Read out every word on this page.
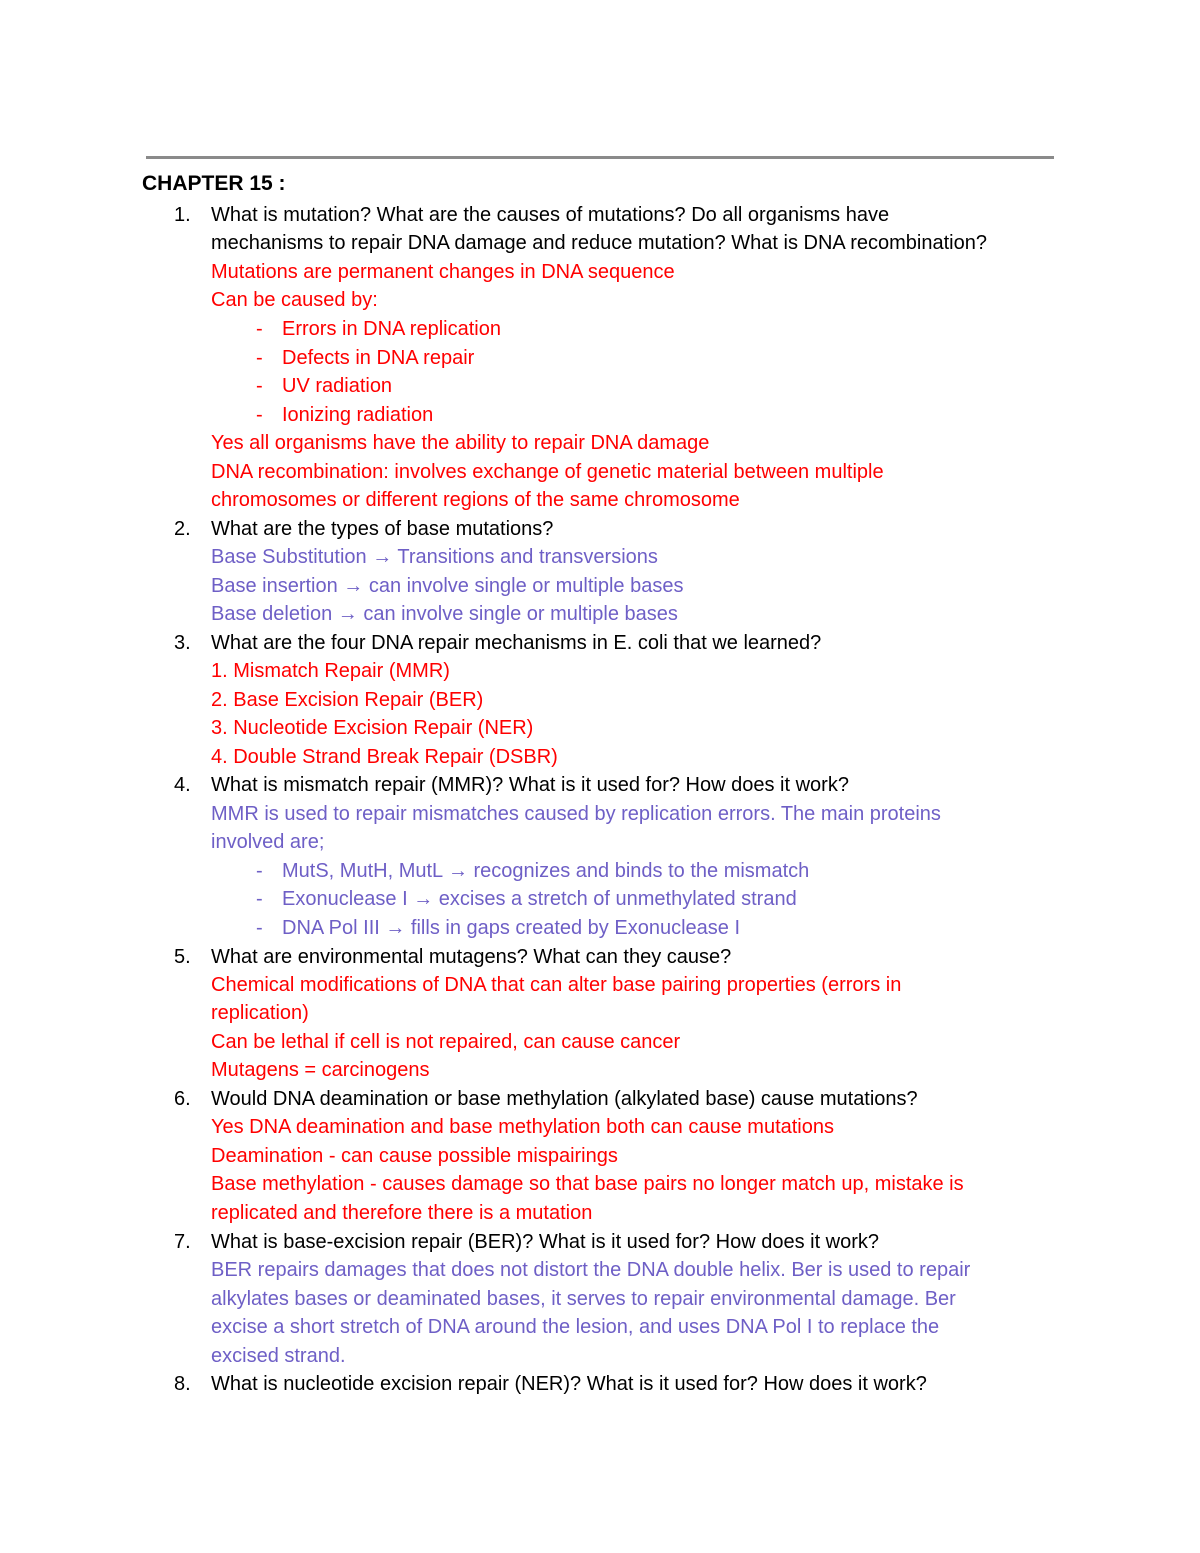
CHAPTER 15 :
1. What is mutation? What are the causes of mutations? Do all organisms have
mechanisms to repair DNA damage and reduce mutation? What is DNA recombination?
Mutations are permanent changes in DNA sequence
Can be caused by:
- Errors in DNA replication
- Defects in DNA repair
- UV radiation
- Ionizing radiation
Yes all organisms have the ability to repair DNA damage
DNA recombination: involves exchange of genetic material between multiple
chromosomes or different regions of the same chromosome
2. What are the types of base mutations?
Base Substitution → Transitions and transversions
Base insertion → can involve single or multiple bases
Base deletion → can involve single or multiple bases
3. What are the four DNA repair mechanisms in E. coli that we learned?
1. Mismatch Repair (MMR)
2. Base Excision Repair (BER)
3. Nucleotide Excision Repair (NER)
4. Double Strand Break Repair (DSBR)
4. What is mismatch repair (MMR)? What is it used for? How does it work?
MMR is used to repair mismatches caused by replication errors. The main proteins
involved are;
- MutS, MutH, MutL → recognizes and binds to the mismatch
- Exonuclease I → excises a stretch of unmethylated strand
- DNA Pol III → fills in gaps created by Exonuclease I
5. What are environmental mutagens? What can they cause?
Chemical modifications of DNA that can alter base pairing properties (errors in
replication)
Can be lethal if cell is not repaired, can cause cancer
Mutagens = carcinogens
6. Would DNA deamination or base methylation (alkylated base) cause mutations?
Yes DNA deamination and base methylation both can cause mutations
Deamination - can cause possible mispairings
Base methylation - causes damage so that base pairs no longer match up, mistake is
replicated and therefore there is a mutation
7. What is base-excision repair (BER)? What is it used for? How does it work?
BER repairs damages that does not distort the DNA double helix. Ber is used to repair
alkylates bases or deaminated bases, it serves to repair environmental damage. Ber
excise a short stretch of DNA around the lesion, and uses DNA Pol I to replace the
excised strand.
8. What is nucleotide excision repair (NER)? What is it used for? How does it work?
